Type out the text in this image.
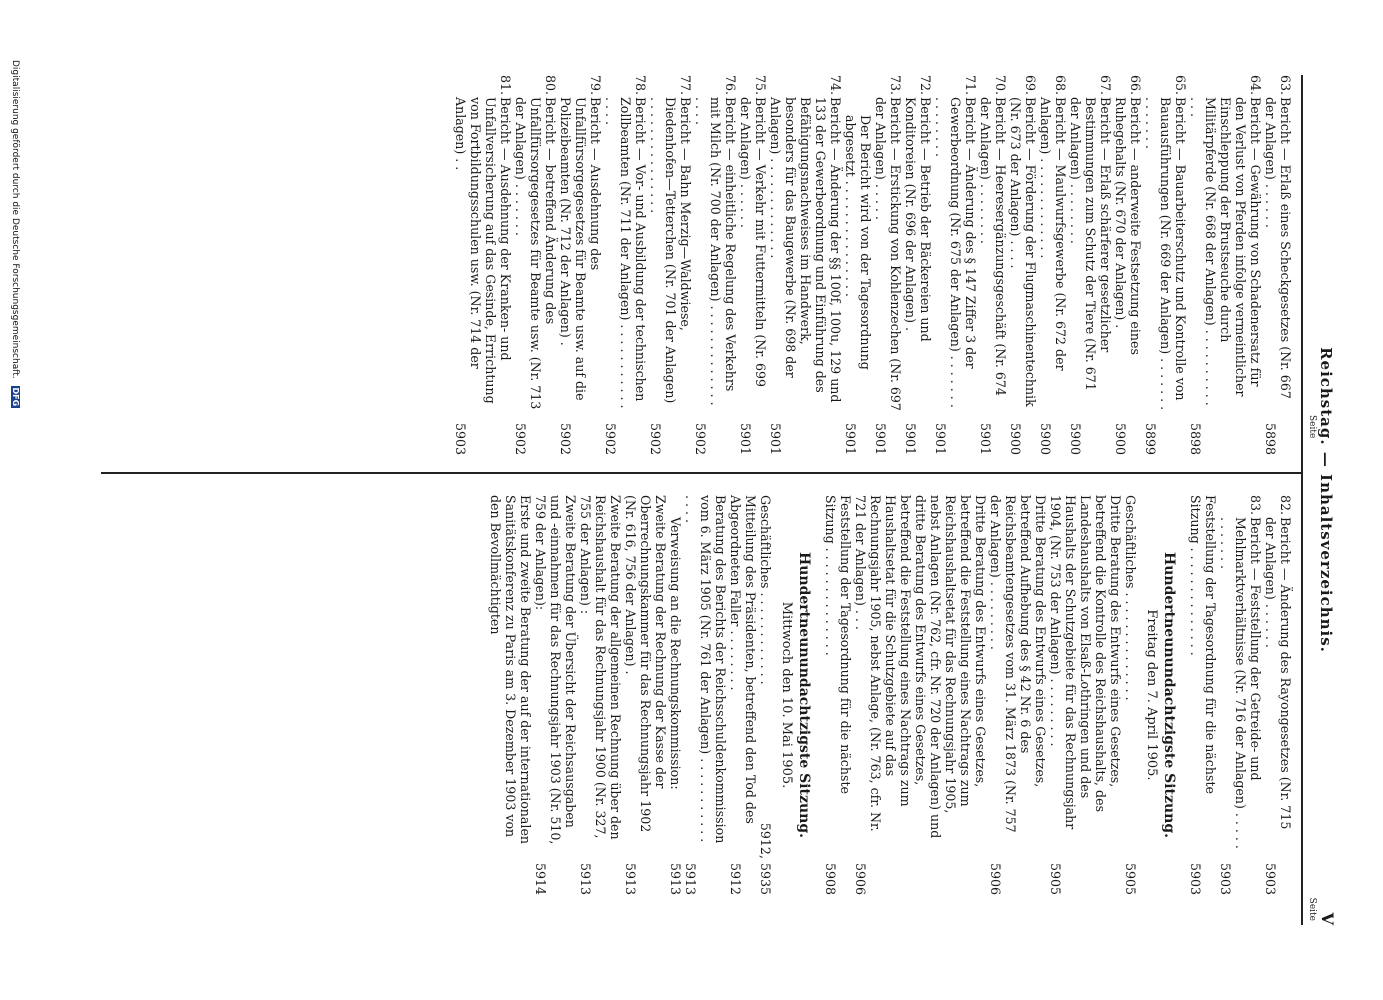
Seite Reichstag. — Inhaltsverzeichnis.
Seite V
63.
Bericht — Erlaß eines Scheckgesetzes (Nr. 667 der Anlagen) . . . . . .
5898
64.
Bericht — Gewährung von Schadenersatz für den Verlust von Pferden infolge vermeintlicher Einschleppung der Brustseuche durch Militärpferde (Nr. 668 der Anlagen) . . . . . . . . . . . . .
5898
65.
Bericht — Bauarbeiterschutz und Kontrolle von Bauausführungen (Nr. 669 der Anlagen) . . . . . . . . . . . . . .
5899
66.
Bericht — anderweite Festsetzung eines Ruhegehalts (Nr. 670 der Anlagen) .
5900
67.
Bericht — Erlaß schärferer gesetzlicher Bestimmungen zum Schutz der Tiere (Nr. 671 der Anlagen) . . . . . . . .
5900
68.
Bericht — Maulwurfsgewerbe (Nr. 672 der Anlagen) . . . . . . . . . . . . .
5900
69.
Bericht — Förderung der Flugmaschinentechnik (Nr. 673 der Anlagen) . . . .
5900
70.
Bericht — Heeresergänzungsgeschäft (Nr. 674 der Anlagen) . . . . . . . .
5901
71.
Bericht — Änderung des § 147 Ziffer 3 der Gewerbeordnung (Nr. 675 der Anlagen) . . . . . . . . . . . . . . .
5901
72.
Bericht — Betrieb der Bäckereien und Konditoreien (Nr. 696 der Anlagen) .
5901
73.
Bericht — Erstickung von Kohlenzechen (Nr. 697 der Anlagen) . . . . .
5901
Der Bericht wird von der Tagesordnung abgesetzt . . . . . . . . . . . . . . .
5901
74.
Bericht — Änderung der §§ 100f, 100u, 129 und 133 der Gewerbeordnung und Einführung des Befähigungsnachweises im Handwerk, besonders für das Baugewerbe (Nr. 698 der Anlagen) . . . . . . . . . . . . .
5901
75.
Bericht — Verkehr mit Futtermitteln (Nr. 699 der Anlagen) . . . . . .
5901
76.
Bericht — einheitliche Regelung des Verkehrs mit Milch (Nr. 700 der Anlagen) . . . . . . . . . . . . . . . . .
5902
77.
Bericht — Bahn Merzig—Waldwiese, Diedenhofen—Tetterchen (Nr. 701 der Anlagen) . . . . . . . . . . . . . . .
5902
78.
Bericht — Vor- und Ausbildung der technischen Zollbeamten (Nr. 711 der Anlagen) . . . . . . . . . . . . . . .
5902
79.
Bericht — Ausdehnung des Unfallfürsorgegesetzes für Beamte usw. auf die Polizeibeamten (Nr. 712 der Anlagen) .
5902
80.
Bericht — betreffend Änderung des Unfallfürsorgegesetzes für Beamte usw. (Nr. 713 der Anlagen) . . . . . . .
5902
81.
Bericht — Ausdehnung der Kranken- und Unfallversicherung auf das Gesinde, Errichtung von Fortbildungsschulen usw. (Nr. 714 der Anlagen) . .
5903
82.
Bericht — Änderung des Rayongesetzes (Nr. 715 der Anlagen) . . . . . .
5903
83.
Bericht — Feststellung der Getreide- und Mehlmarktverhältnisse (Nr. 716 der Anlagen) . . . . . . . . . . . .
5903
Feststellung der Tagesordnung für die nächste Sitzung . . . . . . . . . . . . . .
5903
Hundertneunundachtzigste Sitzung.
Freitag den 7. April 1905.
Geschäftliches . . . . . . . . . . . . . .
5905
Dritte Beratung des Entwurfs eines Gesetzes, betreffend die Kontrolle des Reichshaushalts, des Landeshaushalts von Elsaß-Lothringen und des Haushalts der Schutzgebiete für das Rechnungsjahr 1904, (Nr. 753 der Anlagen) . . . . . . . . .
5905
Dritte Beratung des Entwurfs eines Gesetzes, betreffend Aufhebung des § 42 Nr. 6 des Reichsbeamtengesetzes vom 31. März 1873 (Nr. 757 der Anlagen) . . . . . . . . .
5906
Dritte Beratung des Entwurfs eines Gesetzes, betreffend die Feststellung eines Nachtrags zum Reichshaushaltsetat für das Rechnungsjahr 1905, nebst Anlagen (Nr. 762, cfr. Nr. 720 der Anlagen) und dritte Beratung des Entwurfs eines Gesetzes, betreffend die Feststellung eines Nachtrags zum Haushaltsetat für die Schutzgebiete auf das Rechnungsjahr 1905, nebst Anlage, (Nr. 763, cfr. Nr. 721 der Anlagen) . . .
5906
Feststellung der Tagesordnung für die nächste Sitzung . . . . . . . . . . . . . .
5908
Hundertneunundachtzigste Sitzung.
Mittwoch den 10. Mai 1905.
Geschäftliches . . . . . . . . . . . .
5912, 5935
Mitteilung des Präsidenten, betreffend den Tod des Abgeordneten Faller . . . . . . . .
5912
Beratung des Berichts der Reichsschuldenkommission vom 6. März 1905 (Nr. 761 der Anlagen) . . . . . . . . . . . . . . .
5913
Verweisung an die Rechnungskommission:
5913
Zweite Beratung der Rechnung der Kasse der Oberrechnungskammer für das Rechnungsjahr 1902 (Nr. 616, 756 der Anlagen) .
5913
Zweite Beratung der allgemeinen Rechnung über den Reichshaushalt für das Rechnungsjahr 1900 (Nr. 327, 755 der Anlagen) :
5913
Zweite Beratung der Übersicht der Reichsausgaben und -einnahmen für das Rechnungsjahr 1903 (Nr. 510, 759 der Anlagen):
5914
Erste und zweite Beratung der auf der internationalen Sanitätskonferenz zu Paris am 3. Dezember 1903 von den Bevollmächtigten
Digitalisierung gefördert durch die Deutsche Forschungsgemeinschaft. DFG
